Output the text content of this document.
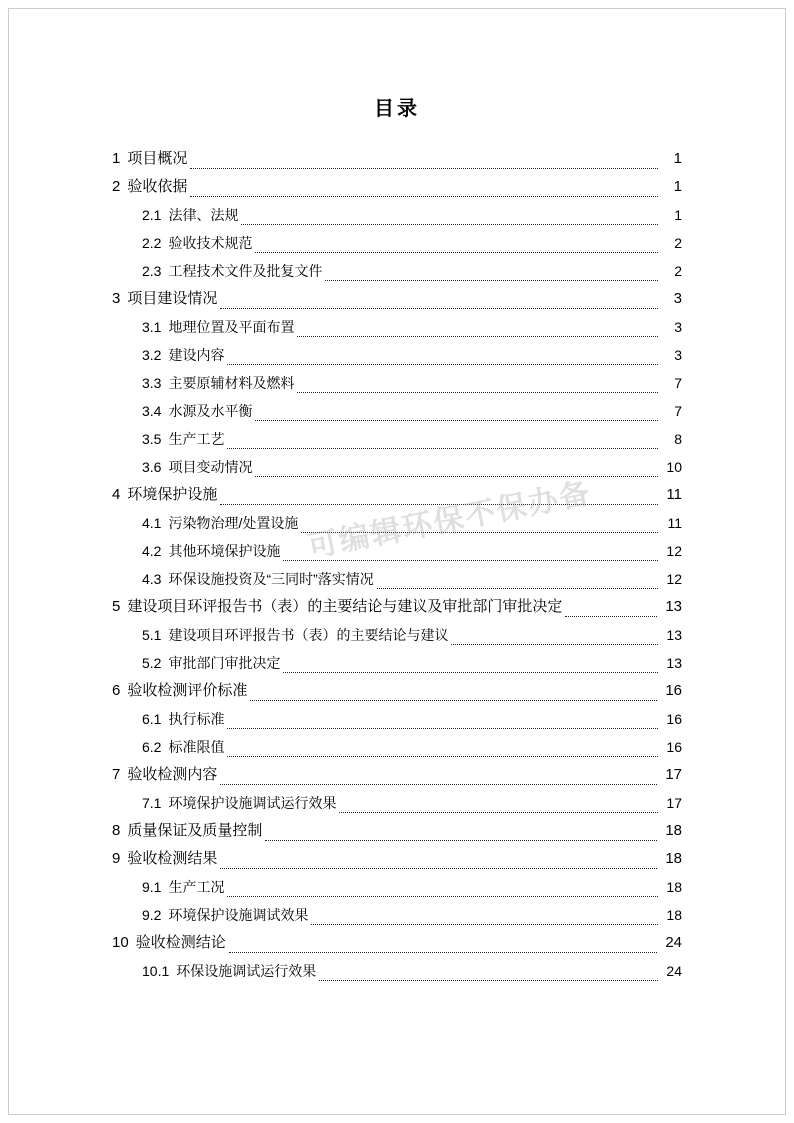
目录
1 项目概况	1
2 验收依据	1
2.1 法律、法规	1
2.2 验收技术规范	2
2.3 工程技术文件及批复文件	2
3 项目建设情况	3
3.1 地理位置及平面布置	3
3.2 建设内容	3
3.3 主要原辅材料及燃料	7
3.4 水源及水平衡	7
3.5 生产工艺	8
3.6 项目变动情况	10
4 环境保护设施	11
4.1 污染物治理/处置设施	11
4.2 其他环境保护设施	12
4.3 环保设施投资及“三同时”落实情况	12
5 建设项目环评报告书（表）的主要结论与建议及审批部门审批决定	13
5.1 建设项目环评报告书（表）的主要结论与建议	13
5.2 审批部门审批决定	13
6 验收检测评价标准	16
6.1 执行标准	16
6.2 标准限值	16
7 验收检测内容	17
7.1 环境保护设施调试运行效果	17
8 质量保证及质量控制	18
9 验收检测结果	18
9.1 生产工况	18
9.2 环境保护设施调试效果	18
10 验收检测结论	24
10.1 环保设施调试运行效果	24
可编辑环保不保办备
